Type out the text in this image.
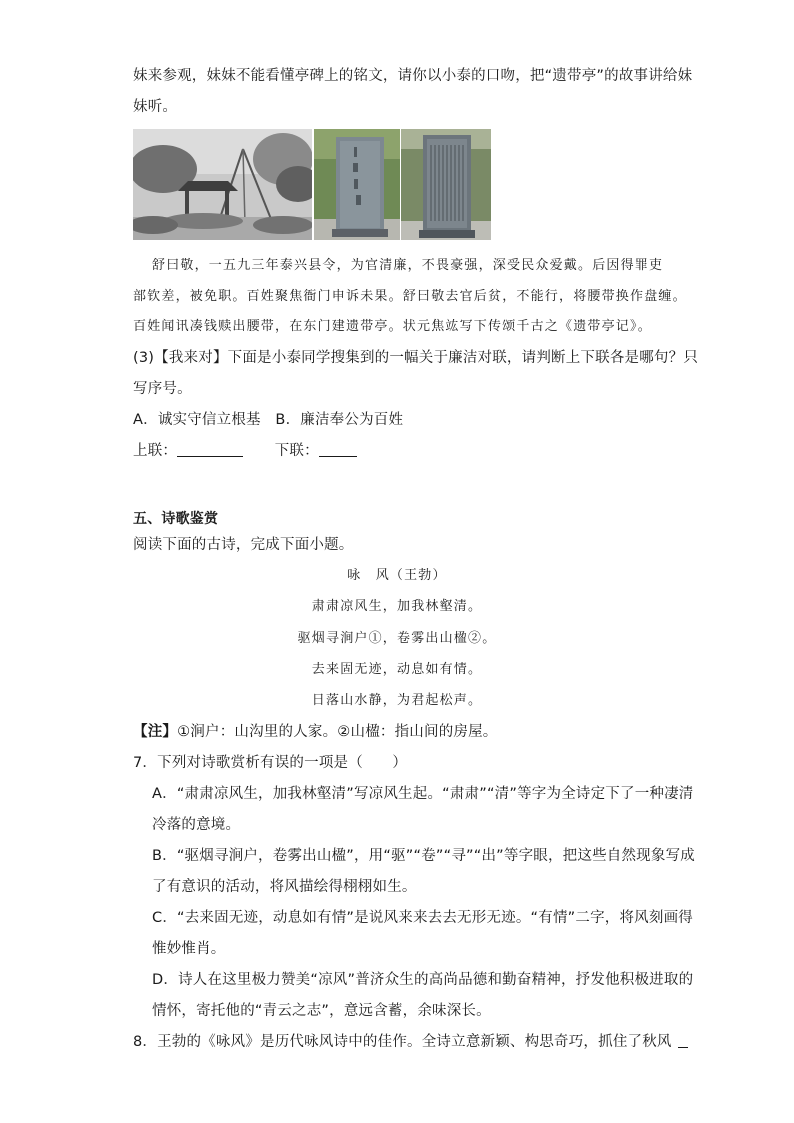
妹来参观，妹妹不能看懂亭碑上的铭文，请你以小泰的口吻，把“遗带亭”的故事讲给妹
妹听。
舒曰敬，一五九三年泰兴县令，为官清廉，不畏豪强，深受民众爱戴。后因得罪吏
部钦差，被免职。百姓聚焦衙门申诉未果。舒曰敬去官后贫，不能行，将腰带换作盘缠。
百姓闻讯凑钱赎出腰带，在东门建遗带亭。状元焦竑写下传颂千古之《遗带亭记》。
(3)【我来对】下面是小泰同学搜集到的一幅关于廉洁对联，请判断上下联各是哪句？只
写序号。
A．诚实守信立根基　B．廉洁奉公为百姓
上联：	下联：
五、诗歌鉴赏
阅读下面的古诗，完成下面小题。
咏　风（王勃）
肃肃凉风生，加我林壑清。
驱烟寻涧户①，卷雾出山楹②。
去来固无迹，动息如有情。
日落山水静，为君起松声。
【注】①涧户：山沟里的人家。②山楹：指山间的房屋。
7．下列对诗歌赏析有误的一项是（　　）
A．“肃肃凉风生，加我林壑清”写凉风生起。“肃肃”“清”等字为全诗定下了一种凄清
冷落的意境。
B．“驱烟寻涧户，卷雾出山楹”，用“驱”“卷”“寻”“出”等字眼，把这些自然现象写成
了有意识的活动，将风描绘得栩栩如生。
C．“去来固无迹，动息如有情”是说风来来去去无形无迹。“有情”二字，将风刻画得
惟妙惟肖。
D．诗人在这里极力赞美“凉风”普济众生的高尚品德和勤奋精神，抒发他积极进取的
情怀，寄托他的“青云之志”，意远含蓄，余味深长。
8．王勃的《咏风》是历代咏风诗中的佳作。全诗立意新颖、构思奇巧，抓住了秋风
